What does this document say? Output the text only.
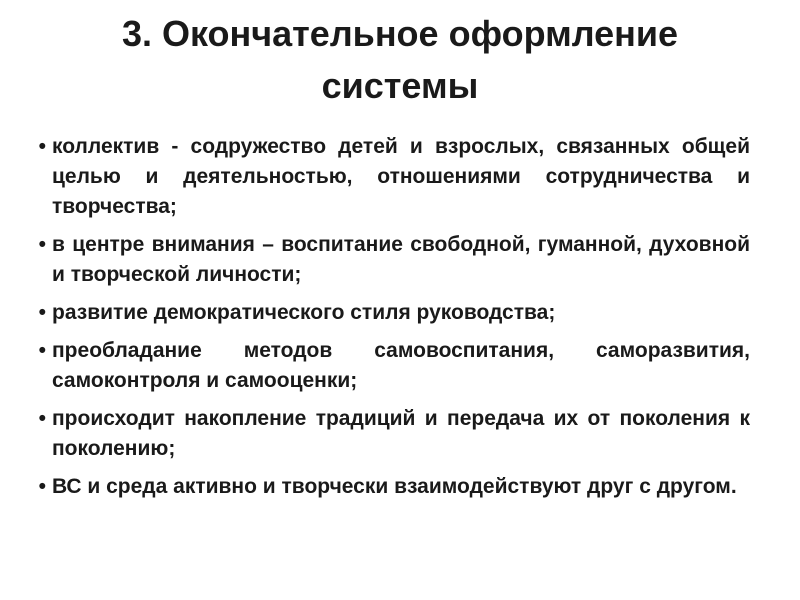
3. Окончательное оформление системы
• коллектив - содружество детей и взрослых, связанных общей целью и деятельностью, отношениями сотрудничества и творчества;
• в центре внимания – воспитание свободной, гуманной, духовной и творческой личности;
• развитие демократического стиля руководства;
• преобладание методов самовоспитания, саморазвития, самоконтроля и самооценки;
• происходит накопление традиций и передача их от поколения к поколению;
• ВС и среда активно и творчески взаимодействуют друг с другом.
